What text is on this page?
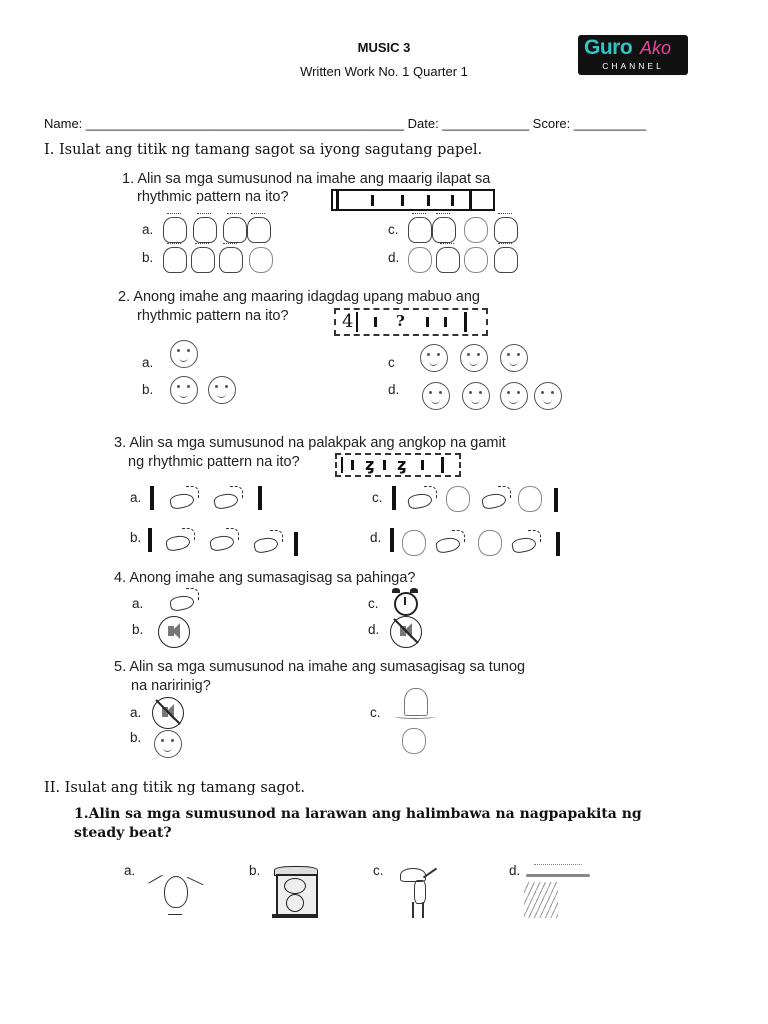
MUSIC 3
Written Work No. 1 Quarter 1
Guro Ako
CHANNEL
Name: ____________________________________________ Date: ____________ Score: __________
I. Isulat ang titik ng tamang sagot sa iyong sagutang papel.
1. Alin sa mga sumusunod na imahe ang maarig ilapat sa
rhythmic pattern na ito?
a.
b.
c.
d.
2. Anong imahe ang maaring idagdag upang mabuo ang
rhythmic pattern na ito?	4	?
a.
b.
c
d.
3. Alin sa mga sumusunod na palakpak ang angkop na gamit
ng rhythmic pattern na ito?	ȥ ȥ
a.
b.
c.
d.
4. Anong imahe ang sumasagisag sa pahinga?
a.
b.
c.
d.
5. Alin sa mga sumusunod na imahe ang sumasagisag sa tunog
na naririnig?
a.
b.
c.
II. Isulat ang titik ng tamang sagot.
1.Alin sa mga sumusunod na larawan ang halimbawa na nagpapakita ng
steady beat?
a.	b.	c.	d.
